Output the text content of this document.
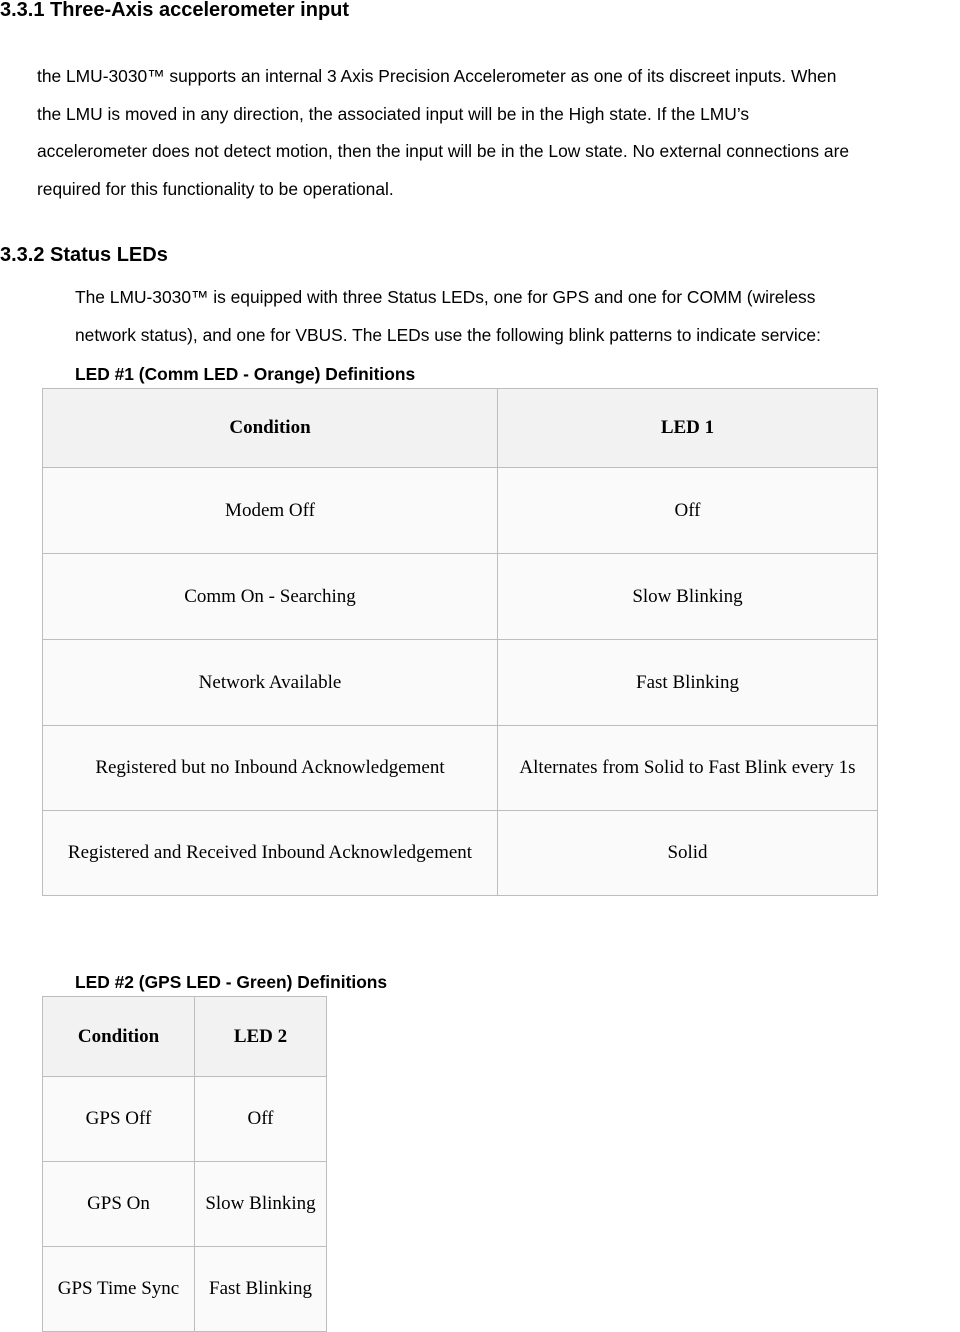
3.3.1 Three-Axis accelerometer input
the LMU-3030™ supports an internal 3 Axis Precision Accelerometer as one of its discreet inputs. When
the LMU is moved in any direction, the associated input will be in the High state. If the LMU’s
accelerometer does not detect motion, then the input will be in the Low state. No external connections are
required for this functionality to be operational.
3.3.2 Status LEDs
The LMU-3030™ is equipped with three Status LEDs, one for GPS and one for COMM (wireless
network status), and one for VBUS. The LEDs use the following blink patterns to indicate service:
LED #1 (Comm LED - Orange) Definitions
Condition	LED 1
Modem Off	Off
Comm On - Searching	Slow Blinking
Network Available	Fast Blinking
Registered but no Inbound Acknowledgement	Alternates from Solid to Fast Blink every 1s
Registered and Received Inbound Acknowledgement	Solid
LED #2 (GPS LED - Green) Definitions
Condition	LED 2
GPS Off	Off
GPS On	Slow Blinking
GPS Time Sync	Fast Blinking
